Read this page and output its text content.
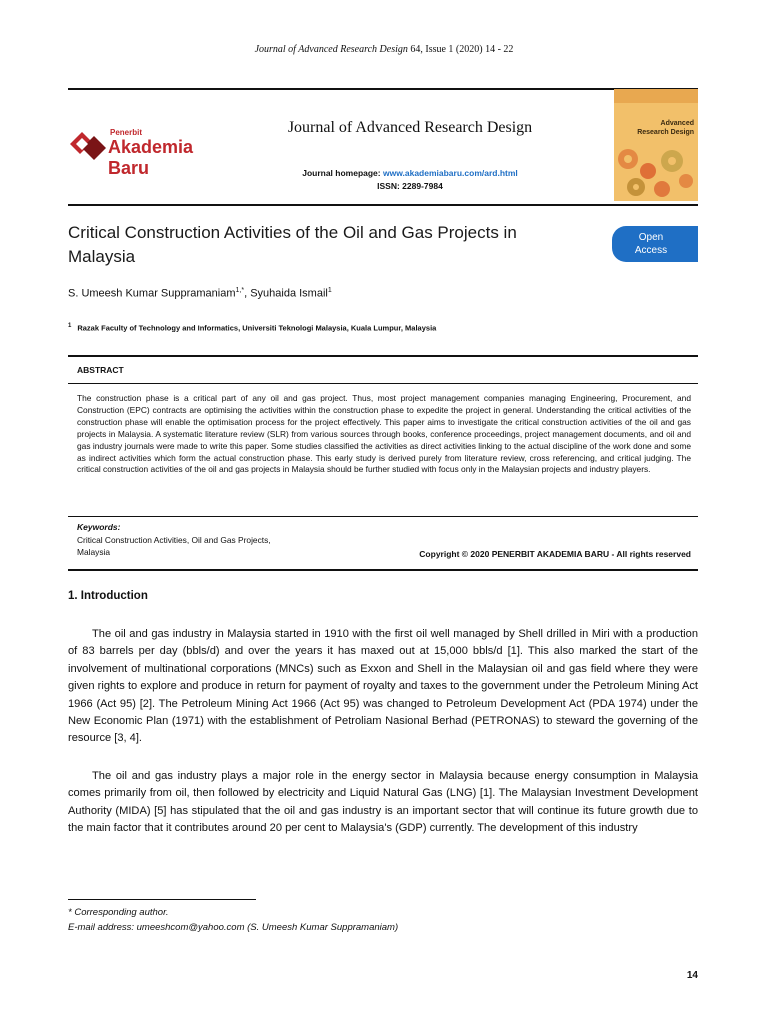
Journal of Advanced Research Design 64, Issue 1 (2020) 14 - 22
Penerbit
Akademia Baru
Journal of Advanced Research Design
Journal homepage: www.akademiabaru.com/ard.html
ISSN: 2289-7984
Advanced Research Design
Critical Construction Activities of the Oil and Gas Projects in Malaysia
Open Access
S. Umeesh Kumar Suppramaniam$^{1,*}$, Syuhaida Ismail$^1$
$^1$ Razak Faculty of Technology and Informatics, Universiti Teknologi Malaysia, Kuala Lumpur, Malaysia
ABSTRACT
The construction phase is a critical part of any oil and gas project. Thus, most project management companies managing Engineering, Procurement, and Construction (EPC) contracts are optimising the activities within the construction phase to expedite the project in general. Understanding the critical activities of the construction phase will enable the optimisation process for the project effectively. This paper aims to investigate the critical construction activities of the oil and gas projects in Malaysia. A systematic literature review (SLR) from various sources through books, conference proceedings, project management documents, and oil and gas industry journals were made to write this paper. Some studies classified the activities as direct activities linking to the actual discipline of the work done and some as indirect activities which form the actual construction phase. This early study is derived purely from literature review, cross referencing, and critical judging. The critical construction activities of the oil and gas projects in Malaysia should be further studied with focus only in the Malaysian projects and industry players.
Keywords:
Critical Construction Activities, Oil and Gas Projects, Malaysia	Copyright © 2020 PENERBIT AKADEMIA BARU - All rights reserved
1. Introduction
The oil and gas industry in Malaysia started in 1910 with the first oil well managed by Shell drilled in Miri with a production of 83 barrels per day (bbls/d) and over the years it has maxed out at 15,000 bbls/d [1]. This also marked the start of the involvement of multinational corporations (MNCs) such as Exxon and Shell in the Malaysian oil and gas field where they were given rights to explore and produce in return for payment of royalty and taxes to the government under the Petroleum Mining Act 1966 (Act 95) [2]. The Petroleum Mining Act 1966 (Act 95) was changed to Petroleum Development Act (PDA 1974) under the New Economic Plan (1971) with the establishment of Petroliam Nasional Berhad (PETRONAS) to steward the governing of the resource [3, 4].
The oil and gas industry plays a major role in the energy sector in Malaysia because energy consumption in Malaysia comes primarily from oil, then followed by electricity and Liquid Natural Gas (LNG) [1]. The Malaysian Investment Development Authority (MIDA) [5] has stipulated that the oil and gas industry is an important sector that will continue its future growth due to the main factor that it contributes around 20 per cent to Malaysia's (GDP) currently. The development of this industry
* Corresponding author.
E-mail address: umeeshcom@yahoo.com (S. Umeesh Kumar Suppramaniam)
14
